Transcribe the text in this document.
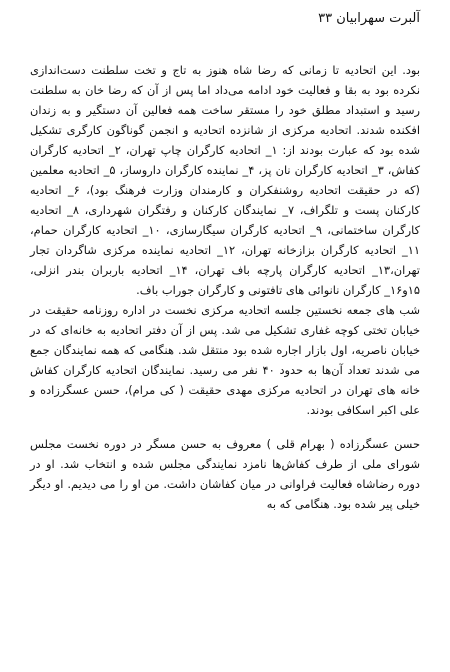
آلبرت سهرابیان ۳۳

بود. این اتحادیه تا زمانی که رضا شاه هنوز به تاج و تخت سلطنت دست‌اندازی نکرده بود به بقا و فعالیت خود ادامه می‌داد اما پس از آن که رضا خان به سلطنت رسید و استبداد مطلق خود را مستقر ساخت همه فعالین آن دستگیر و به زندان افکنده شدند. اتحادیه مرکزی از شانزده اتحادیه و انجمن گوناگون کارگری تشکیل شده بود که عبارت بودند از: ۱_ اتحادیه کارگران چاپ تهران، ۲_ اتحادیه کارگران کفاش، ۳_ اتحادیه کارگران نان پز، ۴_ نماینده کارگران داروساز، ۵_ اتحادیه معلمین (که در حقیقت اتحادیه روشنفکران و کارمندان وزارت فرهنگ بود)، ۶_ اتحادیه کارکنان پست و تلگراف، ۷_ نمایندگان کارکنان و رفتگران شهرداری، ۸_ اتحادیه کارگران ساختمانی، ۹_ اتحادیه کارگران سیگارسازی، ۱۰_ اتحادیه کارگران حمام، ۱۱_ اتحادیه کارگران بزازخانه تهران، ۱۲_ اتحادیه نماینده مرکزی شاگردان تجار تهران،۱۳_ اتحادیه کارگران پارچه باف تهران، ۱۴_ اتحادیه باربران بندر انزلی، ۱۵و۱۶_ کارگران نانوائی های تافتونی و کارگران جوراب باف.

شب های جمعه نخستین جلسه اتحادیه مرکزی نخست در اداره روزنامه حقیقت در خیابان تختی کوچه غفاری تشکیل می شد. پس از آن دفتر اتحادیه به خانه‌ای که در خیابان ناصریه، اول بازار اجاره شده بود منتقل شد. هنگامی که همه نمایندگان جمع می شدند تعداد آن‌ها به حدود ۴۰ نفر می رسید. نمایندگان اتحادیه کارگران کفاش خانه های تهران در اتحادیه مرکزی مهدی حقیقت ( کی مرام)، حسن عسگرزاده و علی اکبر اسکافی بودند.

حسن عسگرزاده ( بهرام قلی ) معروف به حسن مسگر در دوره نخست مجلس شورای ملی از طرف کفاش‌ها نامزد نمایندگی مجلس شده و انتخاب شد. او در دوره رضاشاه فعالیت فراوانی در میان کفاشان داشت. من او را می دیدیم. او دیگر خیلی پیر شده بود. هنگامی که به
